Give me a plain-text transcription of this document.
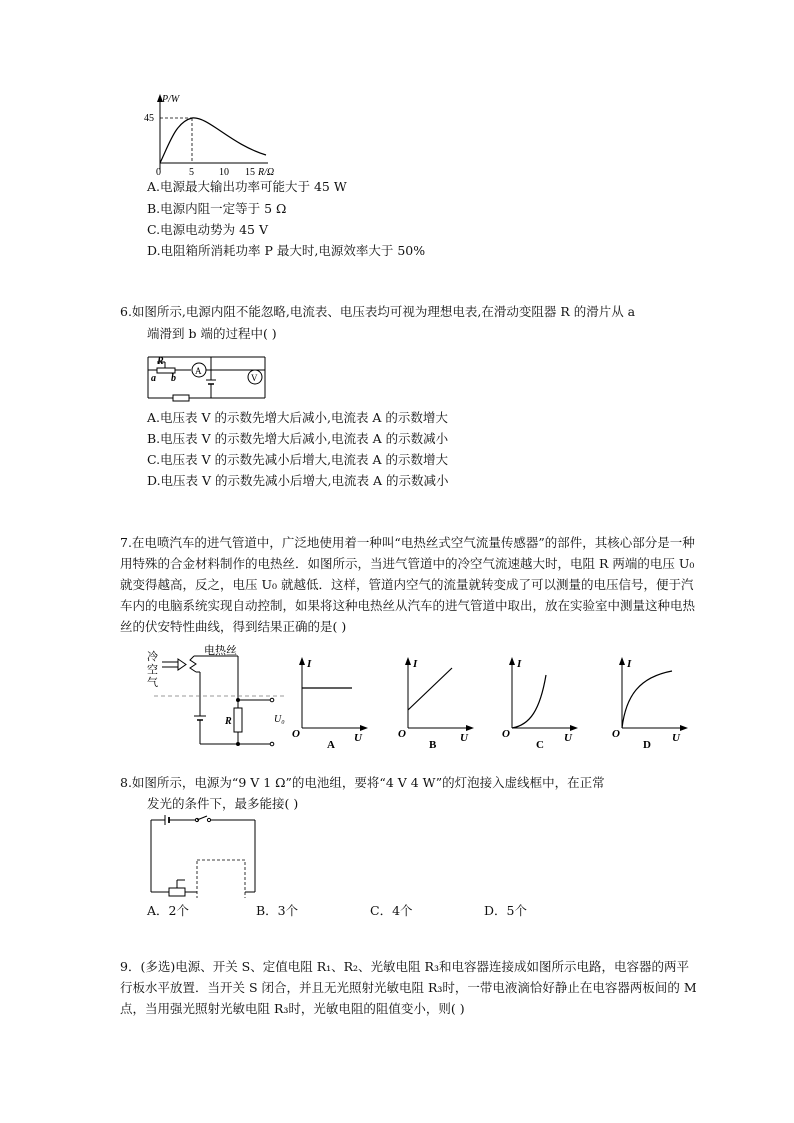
P/W
45
0	5	10 15 R/Ω
A.电源最大输出功率可能大于 45 W
B.电源内阻一定等于 5 Ω
C.电源电动势为 45 V
D.电阻箱所消耗功率 P 最大时,电源效率大于 50%
6.如图所示,电源内阻不能忽略,电流表、电压表均可视为理想电表,在滑动变阻器 R 的滑片从 a
端滑到 b 端的过程中( )
A
V
R
a b
A.电压表 V 的示数先增大后减小,电流表 A 的示数增大
B.电压表 V 的示数先增大后减小,电流表 A 的示数减小
C.电压表 V 的示数先减小后增大,电流表 A 的示数增大
D.电压表 V 的示数先减小后增大,电流表 A 的示数减小
7.在电喷汽车的进气管道中，广泛地使用着一种叫“电热丝式空气流量传感器”的部件，其核心部分是一种用特殊的合金材料制作的电热丝．如图所示，当进气管道中的冷空气流速越大时，电阻 R 两端的电压 U₀ 就变得越高，反之，电压 U₀ 就越低．这样，管道内空气的流量就转变成了可以测量的电压信号，便于汽车内的电脑系统实现自动控制，如果将这种电热丝从汽车的进气管道中取出，放在实验室中测量这种电热丝的伏安特性曲线，得到结果正确的是( )
冷
空
气
电热丝
R	U₀
I
O	U
A
I
O	U
B
I
O	U
C
I
O	U
D
8.如图所示，电源为“9 V 1 Ω”的电池组，要将“4 V 4 W”的灯泡接入虚线框中，在正常
发光的条件下，最多能接( )
A．2个	B．3个	C．4个	D．5个
9．(多选)电源、开关 S、定值电阻 R₁、R₂、光敏电阻 R₃和电容器连接成如图所示电路，电容器的两平行板水平放置．当开关 S 闭合，并且无光照射光敏电阻 R₃时，一带电液滴恰好静止在电容器两板间的 M 点，当用强光照射光敏电阻 R₃时，光敏电阻的阻值变小，则( )
